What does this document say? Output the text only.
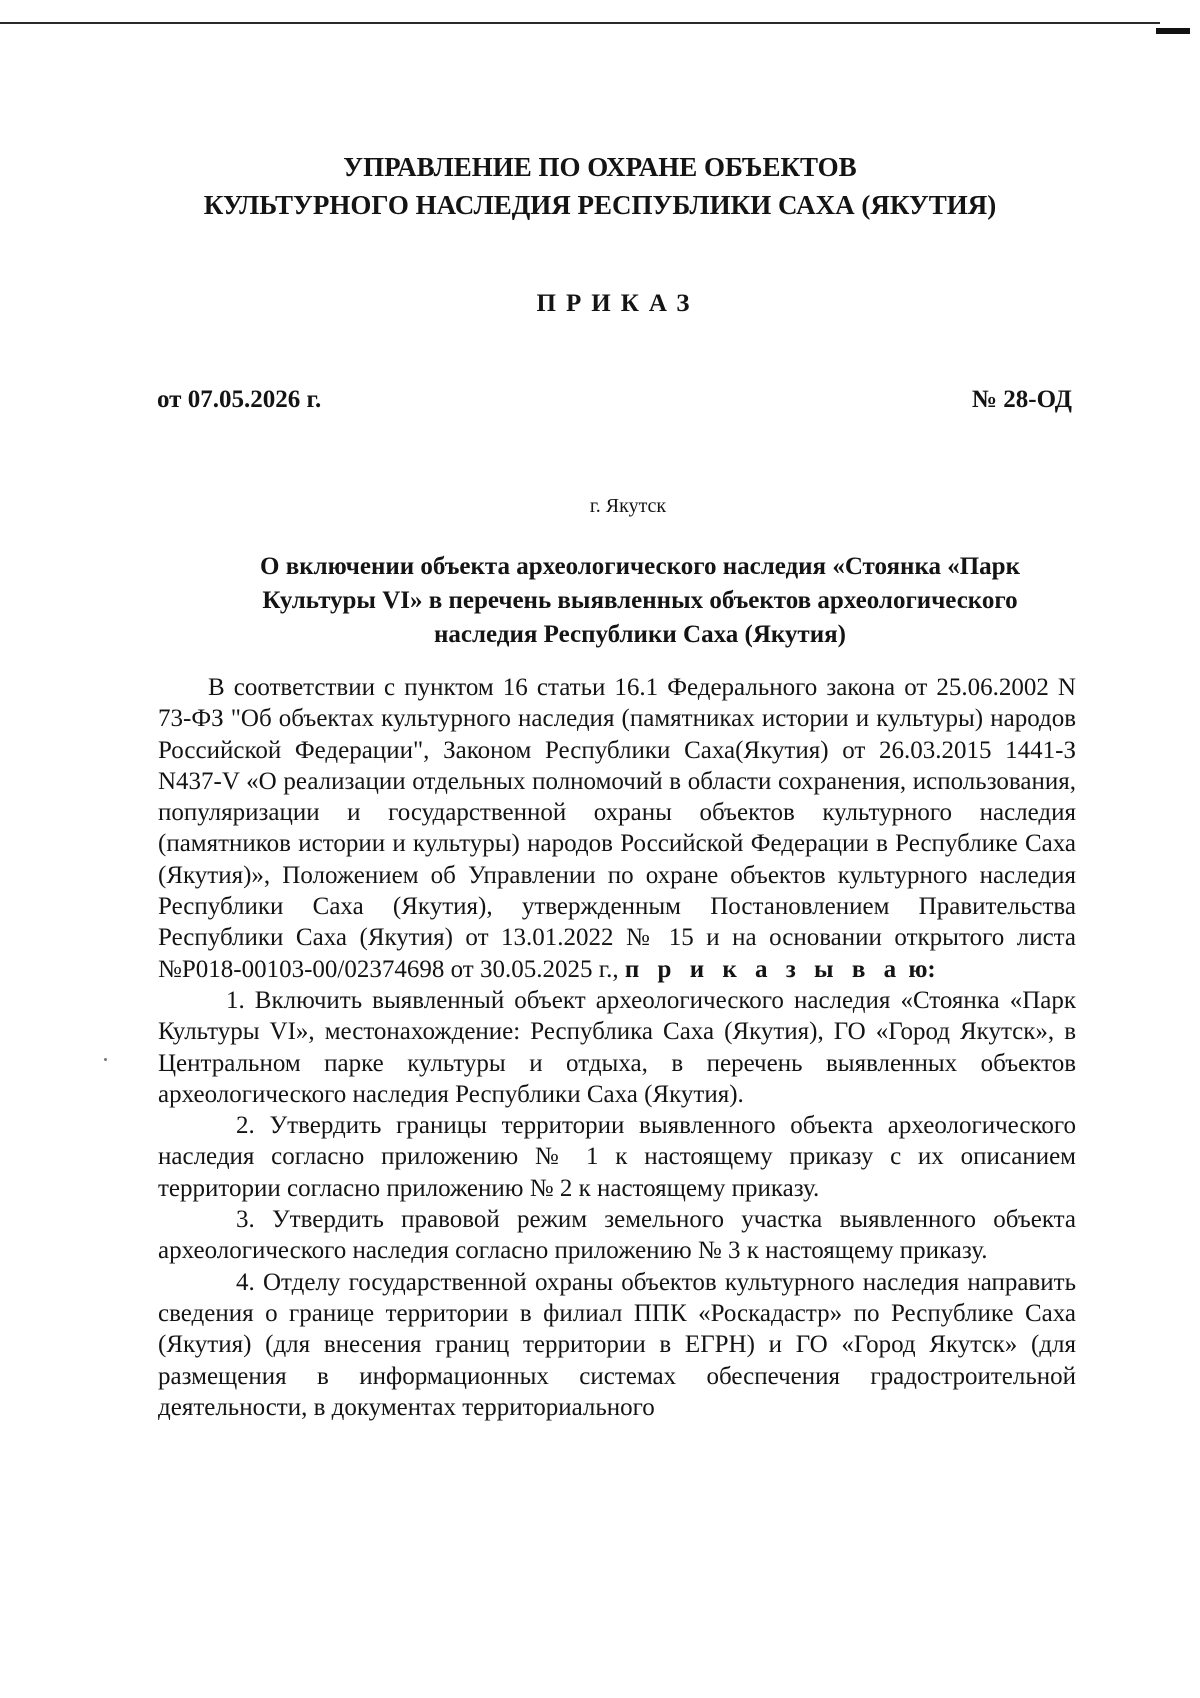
УПРАВЛЕНИЕ ПО ОХРАНЕ ОБЪЕКТОВ
КУЛЬТУРНОГО НАСЛЕДИЯ РЕСПУБЛИКИ САХА (ЯКУТИЯ)
ПРИКАЗ
от 07.05.2026 г.	№ 28-ОД
г. Якутск
О включении объекта археологического наследия «Стоянка «Парк
Культуры VI» в перечень выявленных объектов археологического
наследия Республики Саха (Якутия)

В соответствии с пунктом 16 статьи 16.1 Федерального закона от 25.06.2002 N 73-ФЗ "Об объектах культурного наследия (памятниках истории и культуры) народов Российской Федерации", Законом Республики Саха(Якутия) от 26.03.2015 1441-З N437-V «О реализации отдельных полномочий в области сохранения, использования, популяризации и государственной охраны объектов культурного наследия (памятников истории и культуры) народов Российской Федерации в Республике Саха (Якутия)», Положением об Управлении по охране объектов культурного наследия Республики Саха (Якутия), утвержденным Постановлением Правительства Республики Саха (Якутия) от 13.01.2022 № 15 и на основании открытого листа №Р018-00103-00/02374698 от 30.05.2025 г., п р и к а з ы в а ю:

1. Включить выявленный объект археологического наследия «Стоянка «Парк Культуры VI», местонахождение: Республика Саха (Якутия), ГО «Город Якутск», в Центральном парке культуры и отдыха, в перечень выявленных объектов археологического наследия Республики Саха (Якутия).

2. Утвердить границы территории выявленного объекта археологического наследия согласно приложению № 1 к настоящему приказу с их описанием территории согласно приложению № 2 к настоящему приказу.

3. Утвердить правовой режим земельного участка выявленного объекта археологического наследия согласно приложению № 3 к настоящему приказу.

4. Отделу государственной охраны объектов культурного наследия направить сведения о границе территории в филиал ППК «Роскадастр» по Республике Саха (Якутия) (для внесения границ территории в ЕГРН) и ГО «Город Якутск» (для размещения в информационных системах обеспечения градостроительной деятельности, в документах территориального
